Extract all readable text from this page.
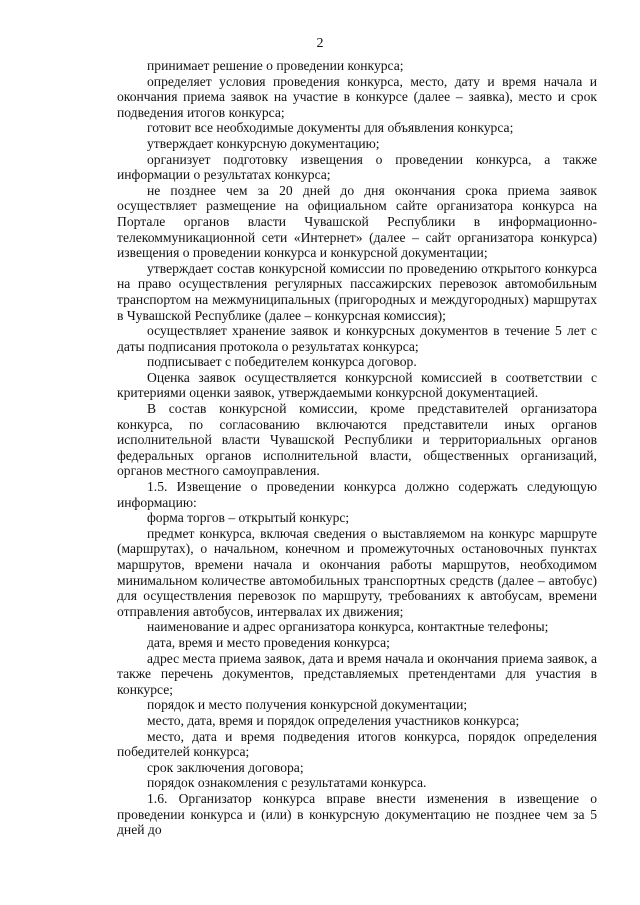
2

принимает решение о проведении конкурса;

определяет условия проведения конкурса, место, дату и время начала и окончания приема заявок на участие в конкурсе (далее – заявка), место и срок подведения итогов конкурса;

готовит все необходимые документы для объявления конкурса;

утверждает конкурсную документацию;

организует подготовку извещения о проведении конкурса, а также информации о результатах конкурса;

не позднее чем за 20 дней до дня окончания срока приема заявок осуществляет размещение на официальном сайте организатора конкурса на Портале органов власти Чувашской Республики в информационно-телекоммуникационной сети «Интернет» (далее – сайт организатора конкурса) извещения о проведении конкурса и конкурсной документации;

утверждает состав конкурсной комиссии по проведению открытого конкурса на право осуществления регулярных пассажирских перевозок автомобильным транспортом на межмуниципальных (пригородных и междугородных) маршрутах в Чувашской Республике (далее – конкурсная комиссия);

осуществляет хранение заявок и конкурсных документов в течение 5 лет с даты подписания протокола о результатах конкурса;

подписывает с победителем конкурса договор.

Оценка заявок осуществляется конкурсной комиссией в соответствии с критериями оценки заявок, утверждаемыми конкурсной документацией.

В состав конкурсной комиссии, кроме представителей организатора конкурса, по согласованию включаются представители иных органов исполнительной власти Чувашской Республики и территориальных органов федеральных органов исполнительной власти, общественных организаций, органов местного самоуправления.

1.5. Извещение о проведении конкурса должно содержать следующую информацию:

форма торгов – открытый конкурс;

предмет конкурса, включая сведения о выставляемом на конкурс маршруте (маршрутах), о начальном, конечном и промежуточных остановочных пунктах маршрутов, времени начала и окончания работы маршрутов, необходимом минимальном количестве автомобильных транспортных средств (далее – автобус) для осуществления перевозок по маршруту, требованиях к автобусам, времени отправления автобусов, интервалах их движения;

наименование и адрес организатора конкурса, контактные телефоны;

дата, время и место проведения конкурса;

адрес места приема заявок, дата и время начала и окончания приема заявок, а также перечень документов, представляемых претендентами для участия в конкурсе;

порядок и место получения конкурсной документации;

место, дата, время и порядок определения участников конкурса;

место, дата и время подведения итогов конкурса, порядок определения победителей конкурса;

срок заключения договора;

порядок ознакомления с результатами конкурса.

1.6. Организатор конкурса вправе внести изменения в извещение о проведении конкурса и (или) в конкурсную документацию не позднее чем за 5 дней до
